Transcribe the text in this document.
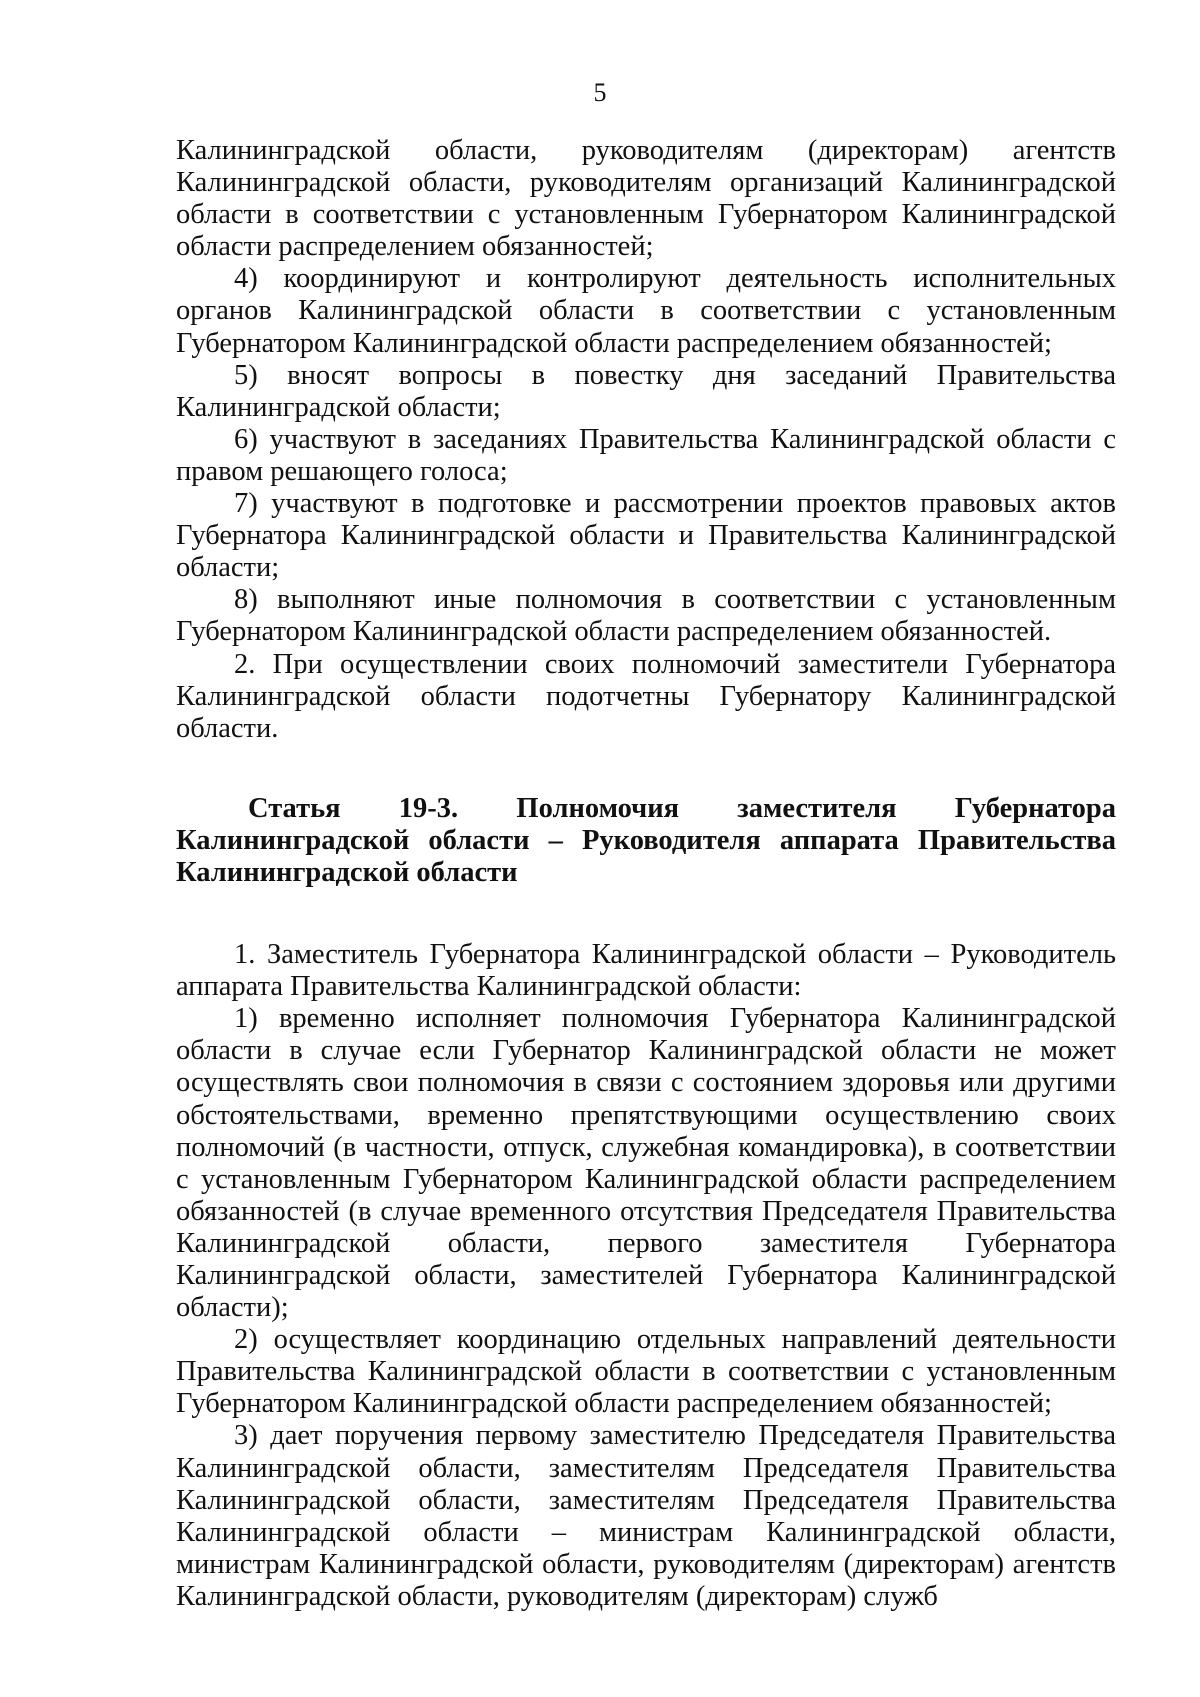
5

Калининградской области, руководителям (директорам) агентств Калининградской области, руководителям организаций Калининградской области в соответствии с установленным Губернатором Калининградской области распределением обязанностей;

4) координируют и контролируют деятельность исполнительных органов Калининградской области в соответствии с установленным Губернатором Калининградской области распределением обязанностей;

5) вносят вопросы в повестку дня заседаний Правительства Калининградской области;

6) участвуют в заседаниях Правительства Калининградской области с правом решающего голоса;

7) участвуют в подготовке и рассмотрении проектов правовых актов Губернатора Калининградской области и Правительства Калининградской области;

8) выполняют иные полномочия в соответствии с установленным Губернатором Калининградской области распределением обязанностей.

2. При осуществлении своих полномочий заместители Губернатора Калининградской области подотчетны Губернатору Калининградской области.

Статья 19-3. Полномочия заместителя Губернатора Калининградской области – Руководителя аппарата Правительства Калининградской области

1. Заместитель Губернатора Калининградской области – Руководитель аппарата Правительства Калининградской области:

1) временно исполняет полномочия Губернатора Калининградской области в случае если Губернатор Калининградской области не может осуществлять свои полномочия в связи с состоянием здоровья или другими обстоятельствами, временно препятствующими осуществлению своих полномочий (в частности, отпуск, служебная командировка), в соответствии с установленным Губернатором Калининградской области распределением обязанностей (в случае временного отсутствия Председателя Правительства Калининградской области, первого заместителя Губернатора Калининградской области, заместителей Губернатора Калининградской области);

2) осуществляет координацию отдельных направлений деятельности Правительства Калининградской области в соответствии с установленным Губернатором Калининградской области распределением обязанностей;

3) дает поручения первому заместителю Председателя Правительства Калининградской области, заместителям Председателя Правительства Калининградской области, заместителям Председателя Правительства Калининградской области – министрам Калининградской области, министрам Калининградской области, руководителям (директорам) агентств Калининградской области, руководителям (директорам) служб
